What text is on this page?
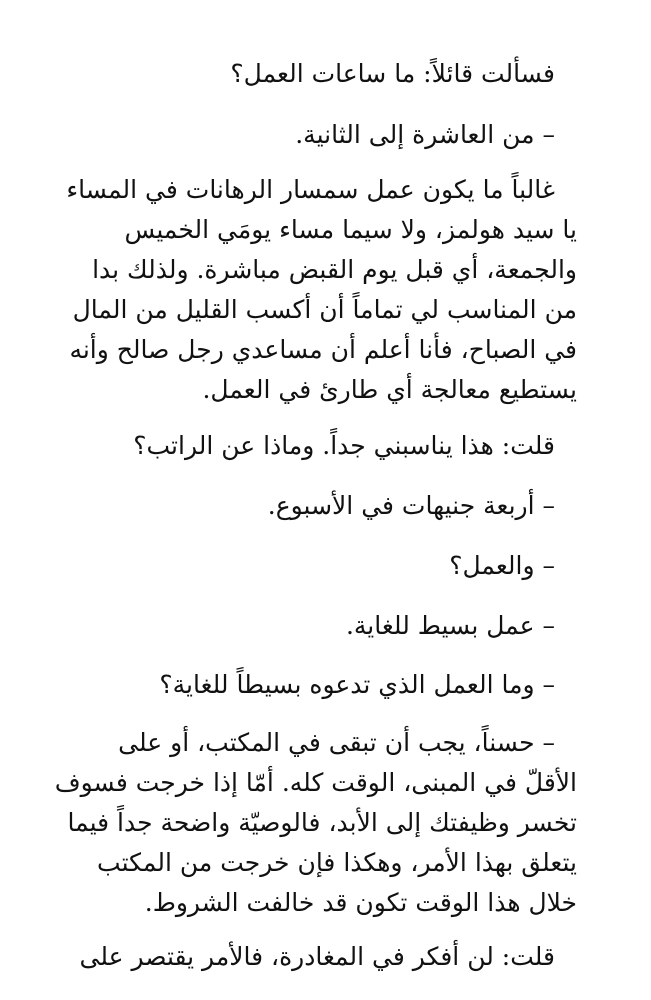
فسألت قائلاً: ما ساعات العمل؟

– من العاشرة إلى الثانية.

غالباً ما يكون عمل سمسار الرهانات في المساء
يا سيد هولمز، ولا سيما مساء يومَي الخميس
والجمعة، أي قبل يوم القبض مباشرة. ولذلك بدا
من المناسب لي تماماً أن أكسب القليل من المال
في الصباح، فأنا أعلم أن مساعدي رجل صالح وأنه
يستطيع معالجة أي طارئ في العمل.

قلت: هذا يناسبني جداً. وماذا عن الراتب؟

– أربعة جنيهات في الأسبوع.

– والعمل؟

– عمل بسيط للغاية.

– وما العمل الذي تدعوه بسيطاً للغاية؟

– حسناً، يجب أن تبقى في المكتب، أو على
الأقلّ في المبنى، الوقت كله. أمّا إذا خرجت فسوف
تخسر وظيفتك إلى الأبد، فالوصيّة واضحة جداً فيما
يتعلق بهذا الأمر، وهكذا فإن خرجت من المكتب
خلال هذا الوقت تكون قد خالفت الشروط.

قلت: لن أفكر في المغادرة، فالأمر يقتصر على
